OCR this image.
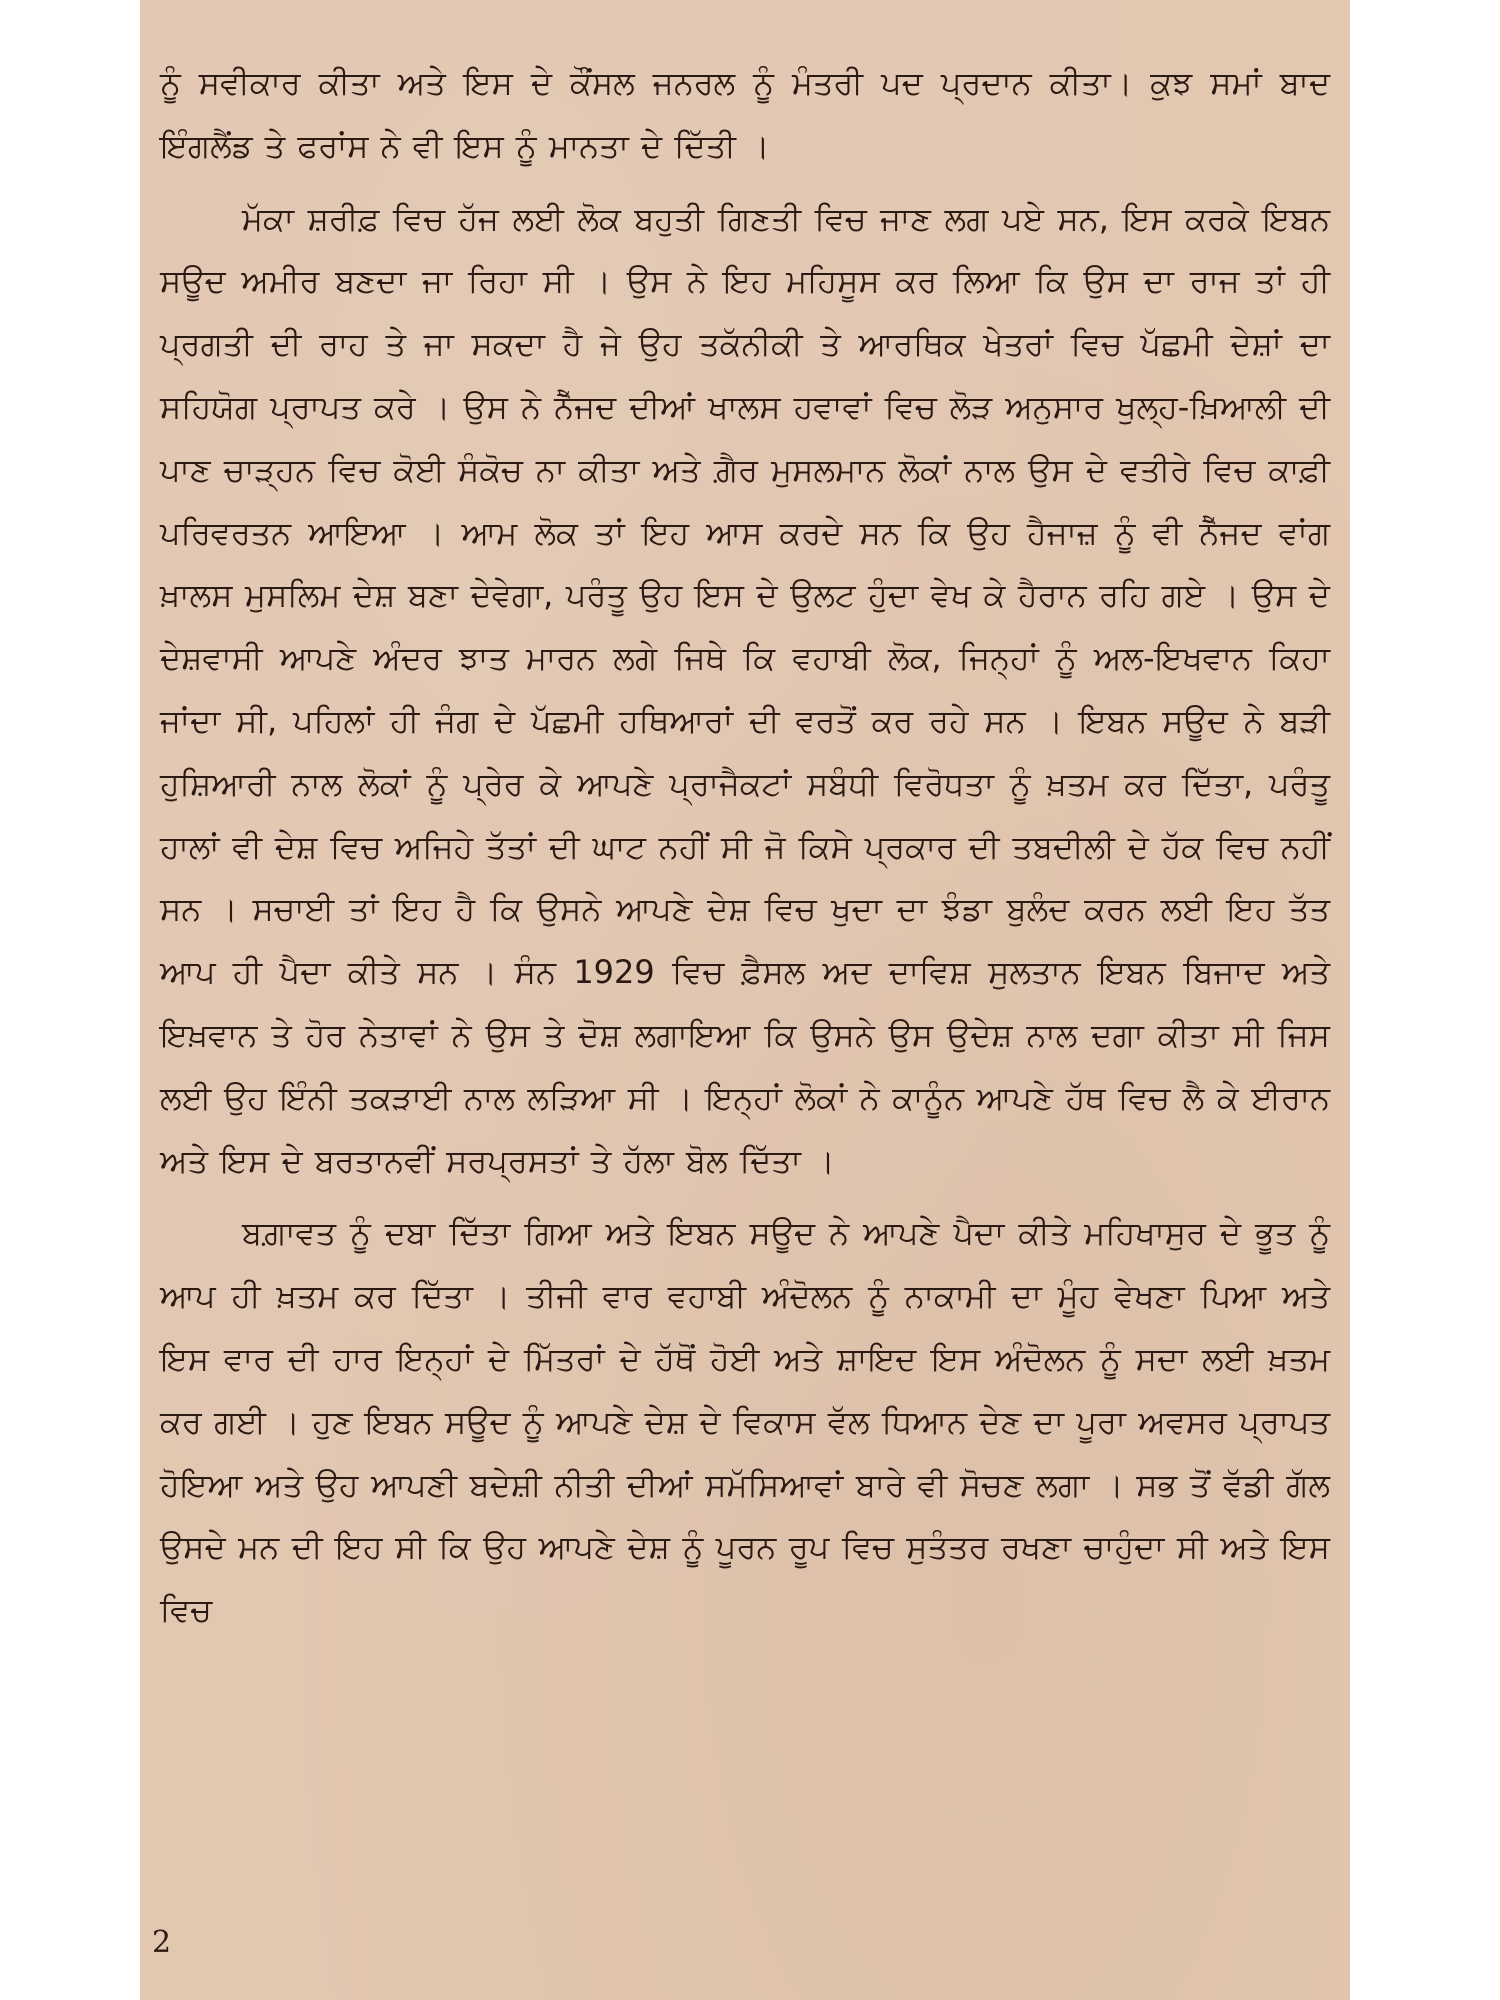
ਨੂੰ ਸਵੀਕਾਰ ਕੀਤਾ ਅਤੇ ਇਸ ਦੇ ਕੌਂਸਲ ਜਨਰਲ ਨੂੰ ਮੰਤਰੀ ਪਦ ਪ੍ਰਦਾਨ ਕੀਤਾ। ਕੁਝ ਸਮਾਂ ਬਾਦ ਇੰਗਲੈਂਡ ਤੇ ਫਰਾਂਸ ਨੇ ਵੀ ਇਸ ਨੂੰ ਮਾਨਤਾ ਦੇ ਦਿੱਤੀ ।

ਮੱਕਾ ਸ਼ਰੀਫ਼ ਵਿਚ ਹੱਜ ਲਈ ਲੋਕ ਬਹੁਤੀ ਗਿਣਤੀ ਵਿਚ ਜਾਣ ਲਗ ਪਏ ਸਨ, ਇਸ ਕਰਕੇ ਇਬਨ ਸਊਦ ਅਮੀਰ ਬਣਦਾ ਜਾ ਰਿਹਾ ਸੀ । ਉਸ ਨੇ ਇਹ ਮਹਿਸੂਸ ਕਰ ਲਿਆ ਕਿ ਉਸ ਦਾ ਰਾਜ ਤਾਂ ਹੀ ਪ੍ਰਗਤੀ ਦੀ ਰਾਹ ਤੇ ਜਾ ਸਕਦਾ ਹੈ ਜੇ ਉਹ ਤਕੱਨੀਕੀ ਤੇ ਆਰਥਿਕ ਖੇਤਰਾਂ ਵਿਚ ਪੱਛਮੀ ਦੇਸ਼ਾਂ ਦਾ ਸਹਿਯੋਗ ਪ੍ਰਾਪਤ ਕਰੇ । ਉਸ ਨੇ ਨੈੱਜਦ ਦੀਆਂ ਖਾਲਸ ਹਵਾਵਾਂ ਵਿਚ ਲੋੜ ਅਨੁਸਾਰ ਖੁਲ੍ਹ-ਖ਼ਿਆਲੀ ਦੀ ਪਾਣ ਚਾੜ੍ਹਨ ਵਿਚ ਕੋਈ ਸੰਕੋਚ ਨਾ ਕੀਤਾ ਅਤੇ ਗ਼ੈਰ ਮੁਸਲਮਾਨ ਲੋਕਾਂ ਨਾਲ ਉਸ ਦੇ ਵਤੀਰੇ ਵਿਚ ਕਾਫ਼ੀ ਪਰਿਵਰਤਨ ਆਇਆ । ਆਮ ਲੋਕ ਤਾਂ ਇਹ ਆਸ ਕਰਦੇ ਸਨ ਕਿ ਉਹ ਹੈਜਾਜ਼ ਨੂੰ ਵੀ ਨੈੱਜਦ ਵਾਂਗ ਖ਼ਾਲਸ ਮੁਸਲਿਮ ਦੇਸ਼ ਬਣਾ ਦੇਵੇਗਾ, ਪਰੰਤੂ ਉਹ ਇਸ ਦੇ ਉਲਟ ਹੁੰਦਾ ਵੇਖ ਕੇ ਹੈਰਾਨ ਰਹਿ ਗਏ । ਉਸ ਦੇ ਦੇਸ਼ਵਾਸੀ ਆਪਣੇ ਅੰਦਰ ਝਾਤ ਮਾਰਨ ਲਗੇ ਜਿਥੇ ਕਿ ਵਹਾਬੀ ਲੋਕ, ਜਿਨ੍ਹਾਂ ਨੂੰ ਅਲ-ਇਖਵਾਨ ਕਿਹਾ ਜਾਂਦਾ ਸੀ, ਪਹਿਲਾਂ ਹੀ ਜੰਗ ਦੇ ਪੱਛਮੀ ਹਥਿਆਰਾਂ ਦੀ ਵਰਤੋਂ ਕਰ ਰਹੇ ਸਨ । ਇਬਨ ਸਊਦ ਨੇ ਬੜੀ ਹੁਸ਼ਿਆਰੀ ਨਾਲ ਲੋਕਾਂ ਨੂੰ ਪ੍ਰੇਰ ਕੇ ਆਪਣੇ ਪ੍ਰਾਜੈਕਟਾਂ ਸਬੰਧੀ ਵਿਰੋਧਤਾ ਨੂੰ ਖ਼ਤਮ ਕਰ ਦਿੱਤਾ, ਪਰੰਤੂ ਹਾਲਾਂ ਵੀ ਦੇਸ਼ ਵਿਚ ਅਜਿਹੇ ਤੱਤਾਂ ਦੀ ਘਾਟ ਨਹੀਂ ਸੀ ਜੋ ਕਿਸੇ ਪ੍ਰਕਾਰ ਦੀ ਤਬਦੀਲੀ ਦੇ ਹੱਕ ਵਿਚ ਨਹੀਂ ਸਨ । ਸਚਾਈ ਤਾਂ ਇਹ ਹੈ ਕਿ ਉਸਨੇ ਆਪਣੇ ਦੇਸ਼ ਵਿਚ ਖੁਦਾ ਦਾ ਝੰਡਾ ਬੁਲੰਦ ਕਰਨ ਲਈ ਇਹ ਤੱਤ ਆਪ ਹੀ ਪੈਦਾ ਕੀਤੇ ਸਨ । ਸੰਨ 1929 ਵਿਚ ਫ਼ੈਸਲ ਅਦ ਦਾਵਿਸ਼ ਸੁਲਤਾਨ ਇਬਨ ਬਿਜਾਦ ਅਤੇ ਇਖ਼ਵਾਨ ਤੇ ਹੋਰ ਨੇਤਾਵਾਂ ਨੇ ਉਸ ਤੇ ਦੋਸ਼ ਲਗਾਇਆ ਕਿ ਉਸਨੇ ਉਸ ਉਦੇਸ਼ ਨਾਲ ਦਗਾ ਕੀਤਾ ਸੀ ਜਿਸ ਲਈ ਉਹ ਇੰਨੀ ਤਕੜਾਈ ਨਾਲ ਲੜਿਆ ਸੀ । ਇਨ੍ਹਾਂ ਲੋਕਾਂ ਨੇ ਕਾਨੂੰਨ ਆਪਣੇ ਹੱਥ ਵਿਚ ਲੈ ਕੇ ਈਰਾਨ ਅਤੇ ਇਸ ਦੇ ਬਰਤਾਨਵੀਂ ਸਰਪ੍ਰਸਤਾਂ ਤੇ ਹੱਲਾ ਬੋਲ ਦਿੱਤਾ ।

ਬਗ਼ਾਵਤ ਨੂੰ ਦਬਾ ਦਿੱਤਾ ਗਿਆ ਅਤੇ ਇਬਨ ਸਊਦ ਨੇ ਆਪਣੇ ਪੈਦਾ ਕੀਤੇ ਮਹਿਖਾਸੁਰ ਦੇ ਭੂਤ ਨੂੰ ਆਪ ਹੀ ਖ਼ਤਮ ਕਰ ਦਿੱਤਾ । ਤੀਜੀ ਵਾਰ ਵਹਾਬੀ ਅੰਦੋਲਨ ਨੂੰ ਨਾਕਾਮੀ ਦਾ ਮੂੰਹ ਵੇਖਣਾ ਪਿਆ ਅਤੇ ਇਸ ਵਾਰ ਦੀ ਹਾਰ ਇਨ੍ਹਾਂ ਦੇ ਮਿੱਤਰਾਂ ਦੇ ਹੱਥੋਂ ਹੋਈ ਅਤੇ ਸ਼ਾਇਦ ਇਸ ਅੰਦੋਲਨ ਨੂੰ ਸਦਾ ਲਈ ਖ਼ਤਮ ਕਰ ਗਈ । ਹੁਣ ਇਬਨ ਸਊਦ ਨੂੰ ਆਪਣੇ ਦੇਸ਼ ਦੇ ਵਿਕਾਸ ਵੱਲ ਧਿਆਨ ਦੇਣ ਦਾ ਪੂਰਾ ਅਵਸਰ ਪ੍ਰਾਪਤ ਹੋਇਆ ਅਤੇ ਉਹ ਆਪਣੀ ਬਦੇਸ਼ੀ ਨੀਤੀ ਦੀਆਂ ਸਮੱਸਿਆਵਾਂ ਬਾਰੇ ਵੀ ਸੋਚਣ ਲਗਾ । ਸਭ ਤੋਂ ਵੱਡੀ ਗੱਲ ਉਸਦੇ ਮਨ ਦੀ ਇਹ ਸੀ ਕਿ ਉਹ ਆਪਣੇ ਦੇਸ਼ ਨੂੰ ਪੂਰਨ ਰੂਪ ਵਿਚ ਸੁਤੰਤਰ ਰਖਣਾ ਚਾਹੁੰਦਾ ਸੀ ਅਤੇ ਇਸ ਵਿਚ

2
